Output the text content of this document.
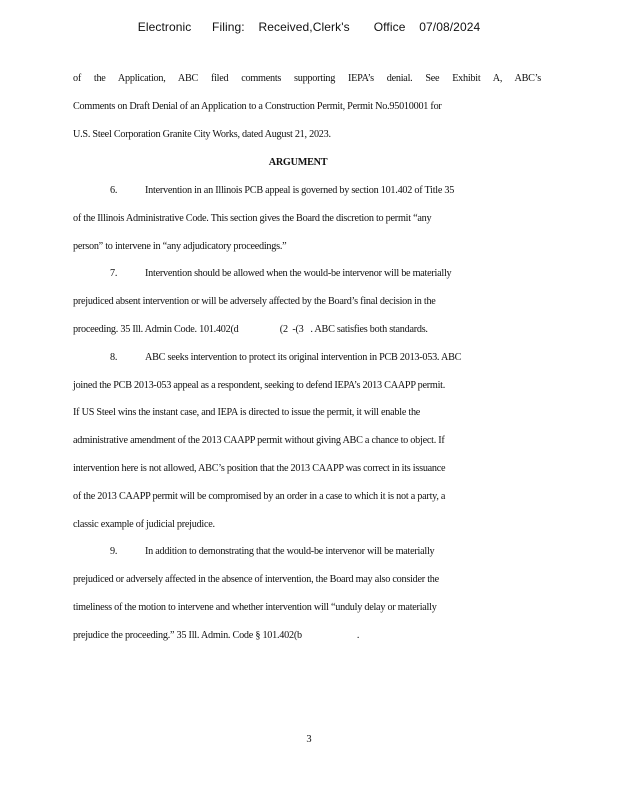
Electronic      Filing:    Received,Clerk's       Office    07/08/2024
of the Application, ABC filed comments supporting IEPA’s denial. See Exhibit A, ABC’s
Comments on Draft Denial of an Application to a Construction Permit, Permit No.95010001 for
U.S. Steel Corporation Granite City Works, dated August 21, 2023.
ARGUMENT
6.	Intervention in an Illinois PCB appeal is governed by section 101.402 of Title 35
of the Illinois Administrative Code. This section gives the Board the discretion to permit “any
person” to intervene in “any adjudicatory proceedings.”
7.	Intervention should be allowed when the would-be intervenor will be materially
prejudiced absent intervention or will be adversely affected by the Board’s final decision in the
proceeding. 35 Ill. Admin Code. 101.402(d                  (2  -(3   . ABC satisfies both standards.
8.	ABC seeks intervention to protect its original intervention in PCB 2013-053. ABC
joined the PCB 2013-053 appeal as a respondent, seeking to defend IEPA’s 2013 CAAPP permit.
If US Steel wins the instant case, and IEPA is directed to issue the permit, it will enable the
administrative amendment of the 2013 CAAPP permit without giving ABC a chance to object. If
intervention here is not allowed, ABC’s position that the 2013 CAAPP was correct in its issuance
of the 2013 CAAPP permit will be compromised by an order in a case to which it is not a party, a
classic example of judicial prejudice.
9.	In addition to demonstrating that the would-be intervenor will be materially
prejudiced or adversely affected in the absence of intervention, the Board may also consider the
timeliness of the motion to intervene and whether intervention will “unduly delay or materially
prejudice the proceeding.” 35 Ill. Admin. Code § 101.402(b                        .
3
